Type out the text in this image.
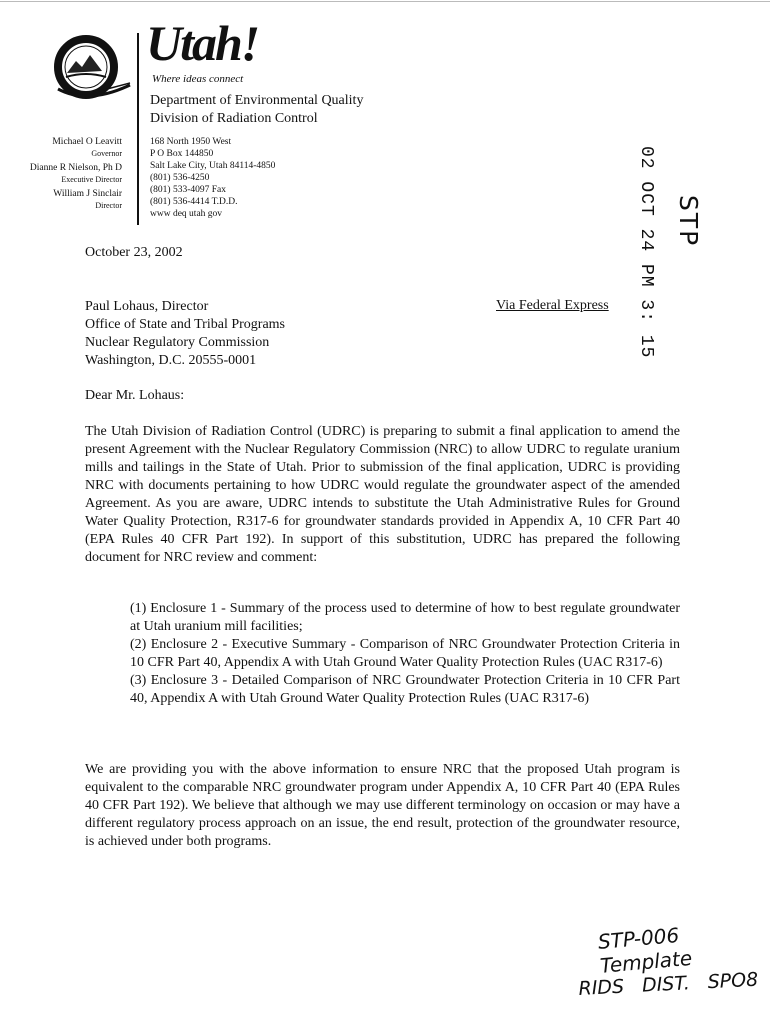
Utah!
Where ideas connect
Department of Environmental Quality
Division of Radiation Control
168 North 1950 West
P O Box 144850
Salt Lake City, Utah 84114-4850
(801) 536-4250
(801) 533-4097 Fax
(801) 536-4414 T.D.D.
www deq utah gov
Michael O Leavitt
Governor
Dianne R Nielson, Ph D
Executive Director
William J Sinclair
Director	02 OCT 24 PM 3: 15 STP
October 23, 2002
Paul Lohaus, Director
Office of State and Tribal Programs
Nuclear Regulatory Commission
Washington, D.C. 20555-0001
Via Federal Express
Dear Mr. Lohaus:
The Utah Division of Radiation Control (UDRC) is preparing to submit a final application to amend the present Agreement with the Nuclear Regulatory Commission (NRC) to allow UDRC to regulate uranium mills and tailings in the State of Utah. Prior to submission of the final application, UDRC is providing NRC with documents pertaining to how UDRC would regulate the groundwater aspect of the amended Agreement. As you are aware, UDRC intends to substitute the Utah Administrative Rules for Ground Water Quality Protection, R317-6 for groundwater standards provided in Appendix A, 10 CFR Part 40 (EPA Rules 40 CFR Part 192). In support of this substitution, UDRC has prepared the following document for NRC review and comment:
(1) Enclosure 1 - Summary of the process used to determine of how to best regulate groundwater at Utah uranium mill facilities;
(2) Enclosure 2 - Executive Summary - Comparison of NRC Groundwater Protection Criteria in 10 CFR Part 40, Appendix A with Utah Ground Water Quality Protection Rules (UAC R317-6)
(3) Enclosure 3 - Detailed Comparison of NRC Groundwater Protection Criteria in 10 CFR Part 40, Appendix A with Utah Ground Water Quality Protection Rules (UAC R317-6)
We are providing you with the above information to ensure NRC that the proposed Utah program is equivalent to the comparable NRC groundwater program under Appendix A, 10 CFR Part 40 (EPA Rules 40 CFR Part 192). We believe that although we may use different terminology on occasion or may have a different regulatory process approach on an issue, the end result, protection of the groundwater resource, is achieved under both programs.
STP-006 Template
RIDS DIST. SPO8
